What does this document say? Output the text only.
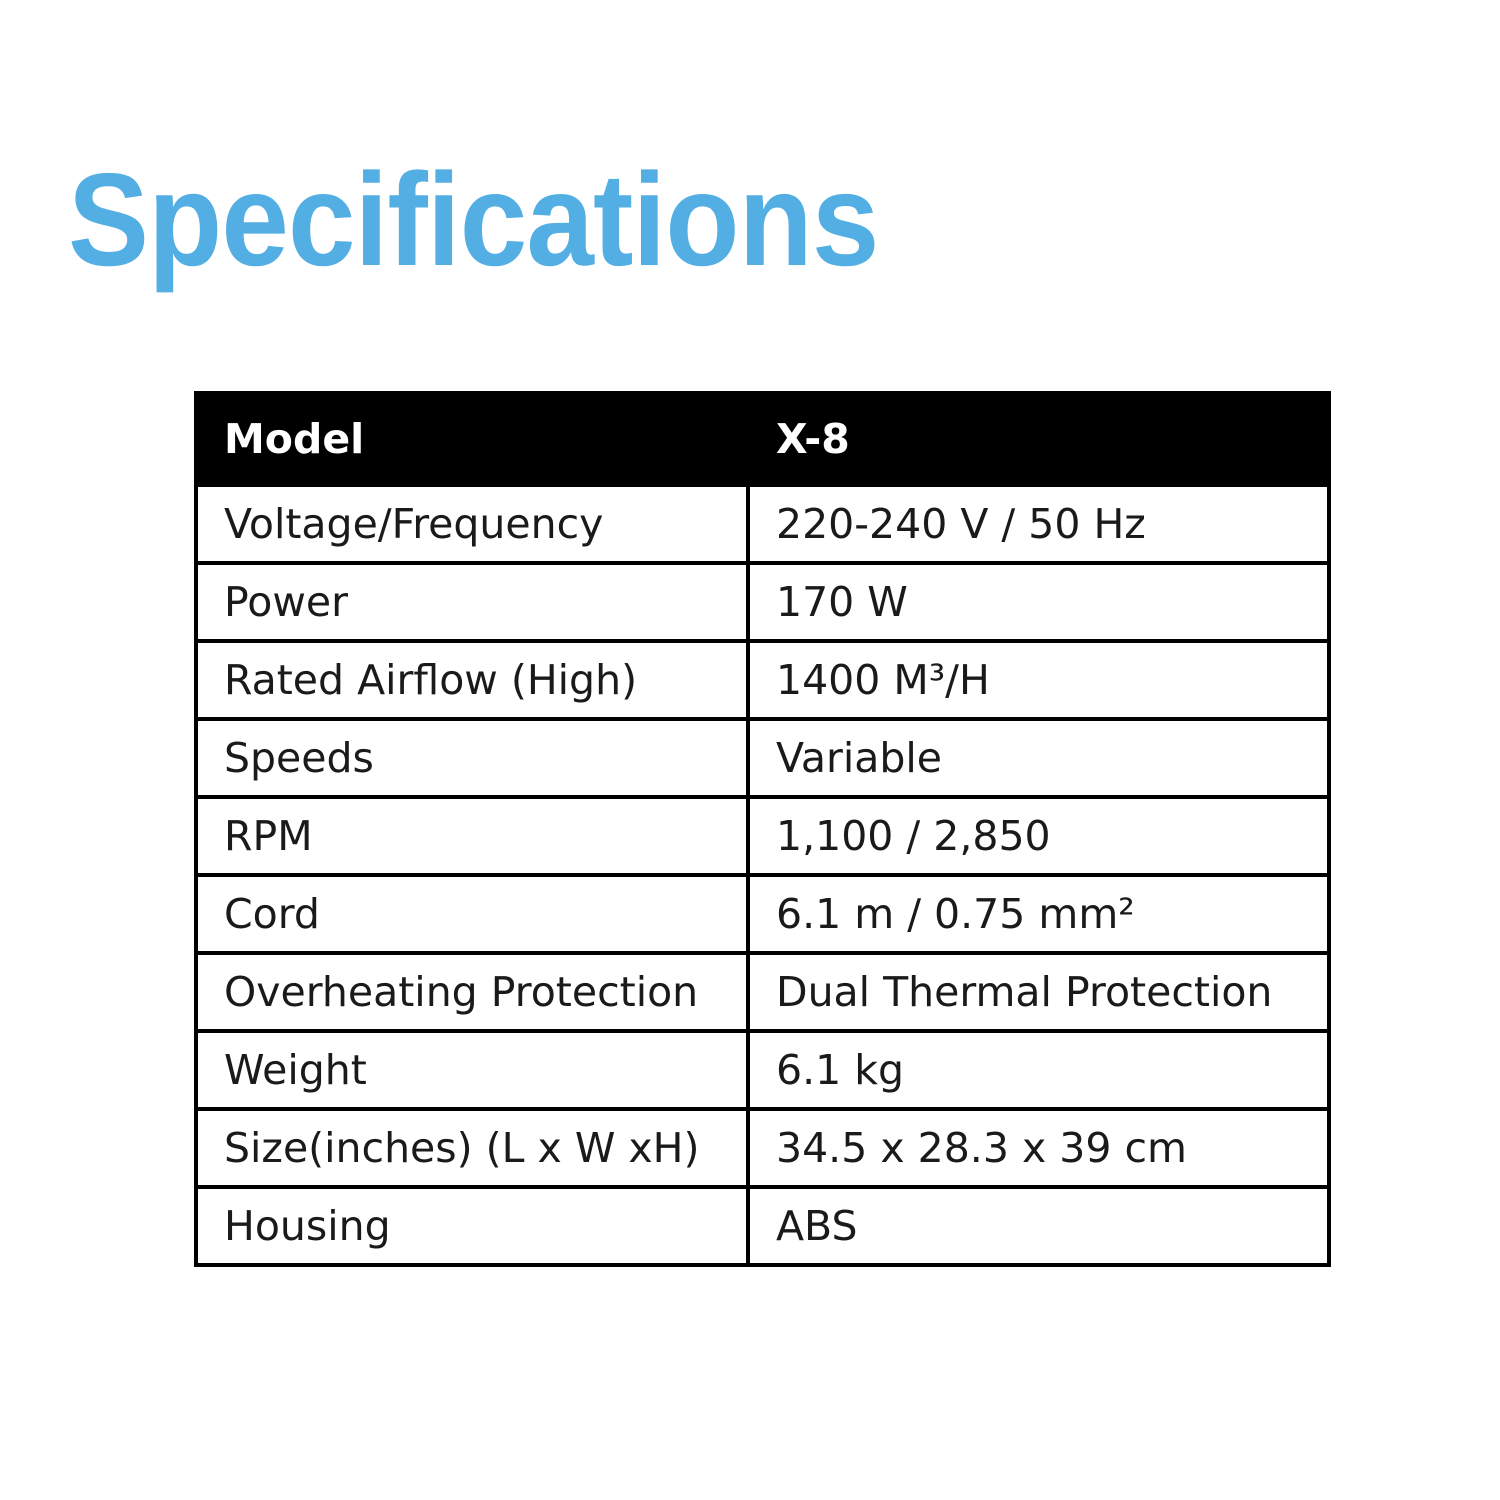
Specifications
Model	X-8
Voltage/Frequency	220-240 V / 50 Hz
Power	170 W
Rated Airflow (High)	1400 M³/H
Speeds	Variable
RPM	1,100 / 2,850
Cord	6.1 m / 0.75 mm²
Overheating Protection	Dual Thermal Protection
Weight	6.1 kg
Size(inches) (L x W xH)	34.5 x 28.3 x 39 cm
Housing	ABS
